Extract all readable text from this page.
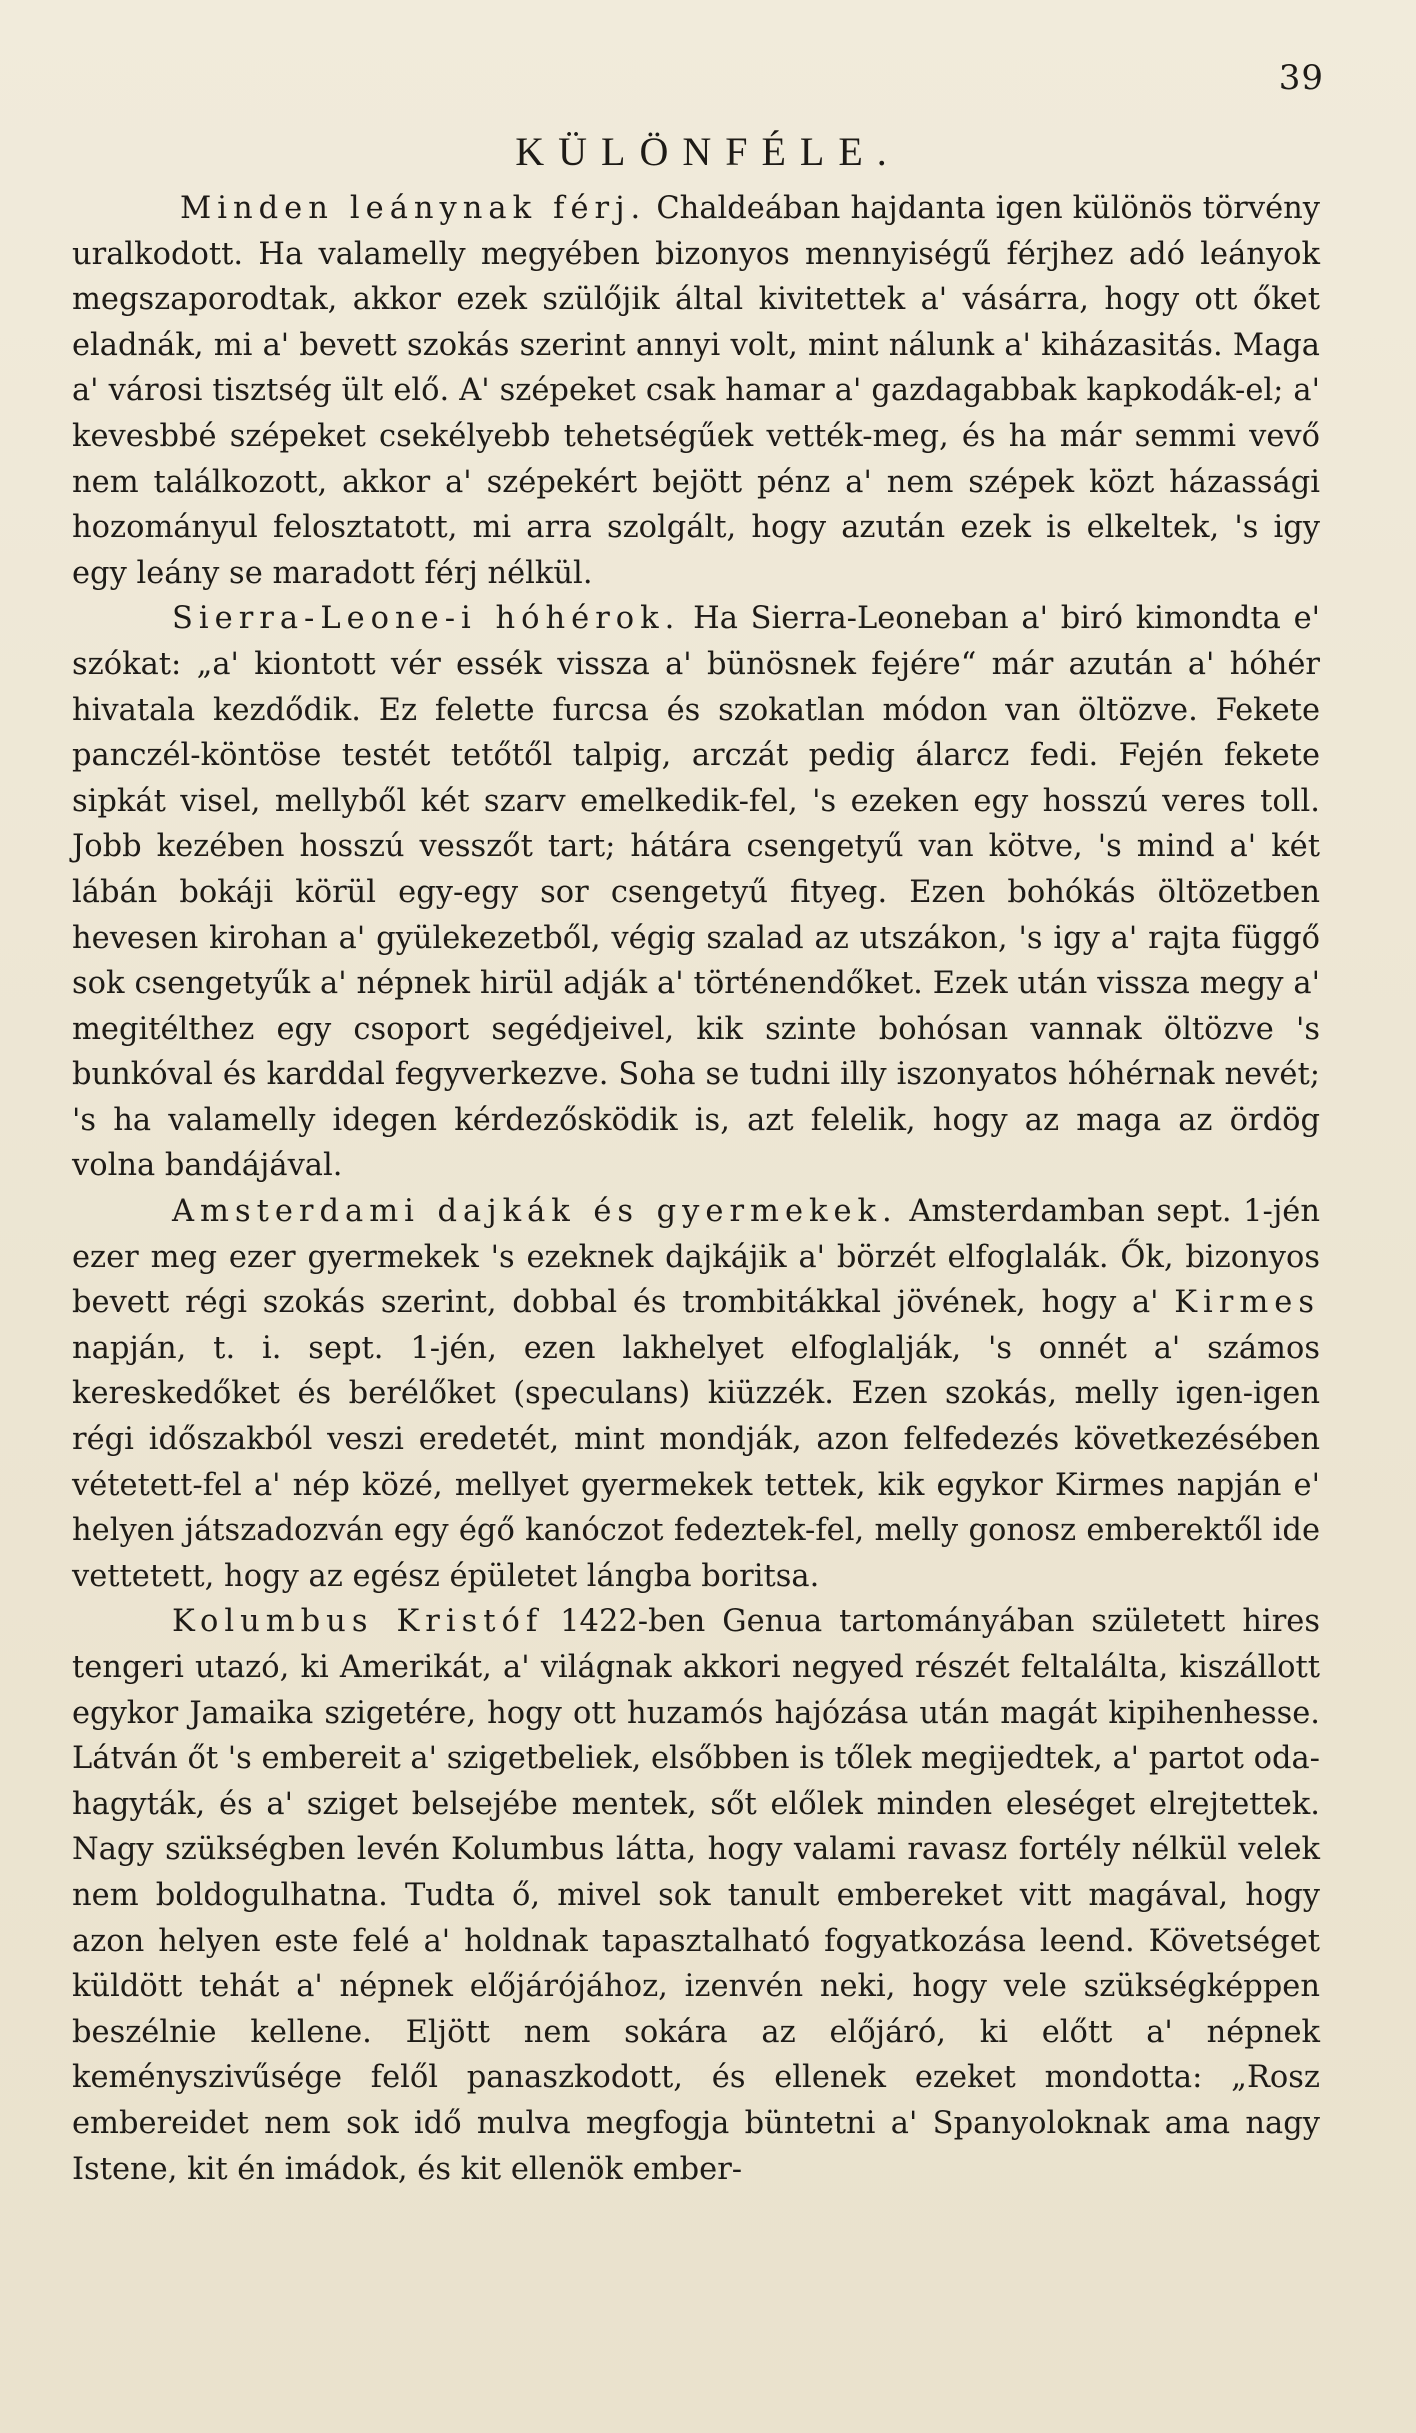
39
KÜLÖNFÉLE.

Minden leánynak férj. Chaldeában hajdanta igen különös törvény uralkodott. Ha valamelly megyében bizonyos mennyiségű férjhez adó leányok megszaporodtak, akkor ezek szülőjik által kivitettek a' vásárra, hogy ott őket eladnák, mi a' bevett szokás szerint annyi volt, mint nálunk a' kiházasitás. Maga a' városi tisztség ült elő. A' szépeket csak hamar a' gazdagabbak kapkodák-el; a' kevesbbé szépeket csekélyebb tehetségűek vették-meg, és ha már semmi vevő nem találkozott, akkor a' szépekért bejött pénz a' nem szépek közt házassági hozományul felosztatott, mi arra szolgált, hogy azután ezek is elkeltek, 's igy egy leány se maradott férj nélkül.

Sierra-Leone-i hóhérok. Ha Sierra-Leoneban a' biró kimondta e' szókat: „a' kiontott vér essék vissza a' bünösnek fejére“ már azután a' hóhér hivatala kezdődik. Ez felette furcsa és szokatlan módon van öltözve. Fekete panczél-köntöse testét tetőtől talpig, arczát pedig álarcz fedi. Fején fekete sipkát visel, mellyből két szarv emelkedik-fel, 's ezeken egy hosszú veres toll. Jobb kezében hosszú vesszőt tart; hátára csengetyű van kötve, 's mind a' két lábán bokáji körül egy-egy sor csengetyű fityeg. Ezen bohókás öltözetben hevesen kirohan a' gyülekezetből, végig szalad az utszákon, 's igy a' rajta függő sok csengetyűk a' népnek hirül adják a' történendőket. Ezek után vissza megy a' megitélthez egy csoport segédjeivel, kik szinte bohósan vannak öltözve 's bunkóval és karddal fegyverkezve. Soha se tudni illy iszonyatos hóhérnak nevét; 's ha valamelly idegen kérdezősködik is, azt felelik, hogy az maga az ördög volna bandájával.

Amsterdami dajkák és gyermekek. Amsterdamban sept. 1-jén ezer meg ezer gyermekek 's ezeknek dajkájik a' börzét elfoglalák. Ők, bizonyos bevett régi szokás szerint, dobbal és trombitákkal jövének, hogy a' Kirmes napján, t. i. sept. 1-jén, ezen lakhelyet elfoglalják, 's onnét a' számos kereskedőket és berélőket (speculans) kiüzzék. Ezen szokás, melly igen-igen régi időszakból veszi eredetét, mint mondják, azon felfedezés következésében vétetett-fel a' nép közé, mellyet gyermekek tettek, kik egykor Kirmes napján e' helyen játszadozván egy égő kanóczot fedeztek-fel, melly gonosz emberektől ide vettetett, hogy az egész épületet lángba boritsa.

Kolumbus Kristóf 1422-ben Genua tartományában született hires tengeri utazó, ki Amerikát, a' világnak akkori negyed részét feltalálta, kiszállott egykor Jamaika szigetére, hogy ott huzamós hajózása után magát kipihenhesse. Látván őt 's embereit a' szigetbeliek, elsőbben is tőlek megijedtek, a' partot oda-hagyták, és a' sziget belsejébe mentek, sőt előlek minden eleséget elrejtettek. Nagy szükségben levén Kolumbus látta, hogy valami ravasz fortély nélkül velek nem boldogulhatna. Tudta ő, mivel sok tanult embereket vitt magával, hogy azon helyen este felé a' holdnak tapasztalható fogyatkozása leend. Követséget küldött tehát a' népnek előjárójához, izenvén neki, hogy vele szükségképpen beszélnie kellene. Eljött nem sokára az előjáró, ki előtt a' népnek keményszivűsége felől panaszkodott, és ellenek ezeket mondotta: „Rosz embereidet nem sok idő mulva megfogja büntetni a' Spanyoloknak ama nagy Istene, kit én imádok, és kit ellenök ember-
